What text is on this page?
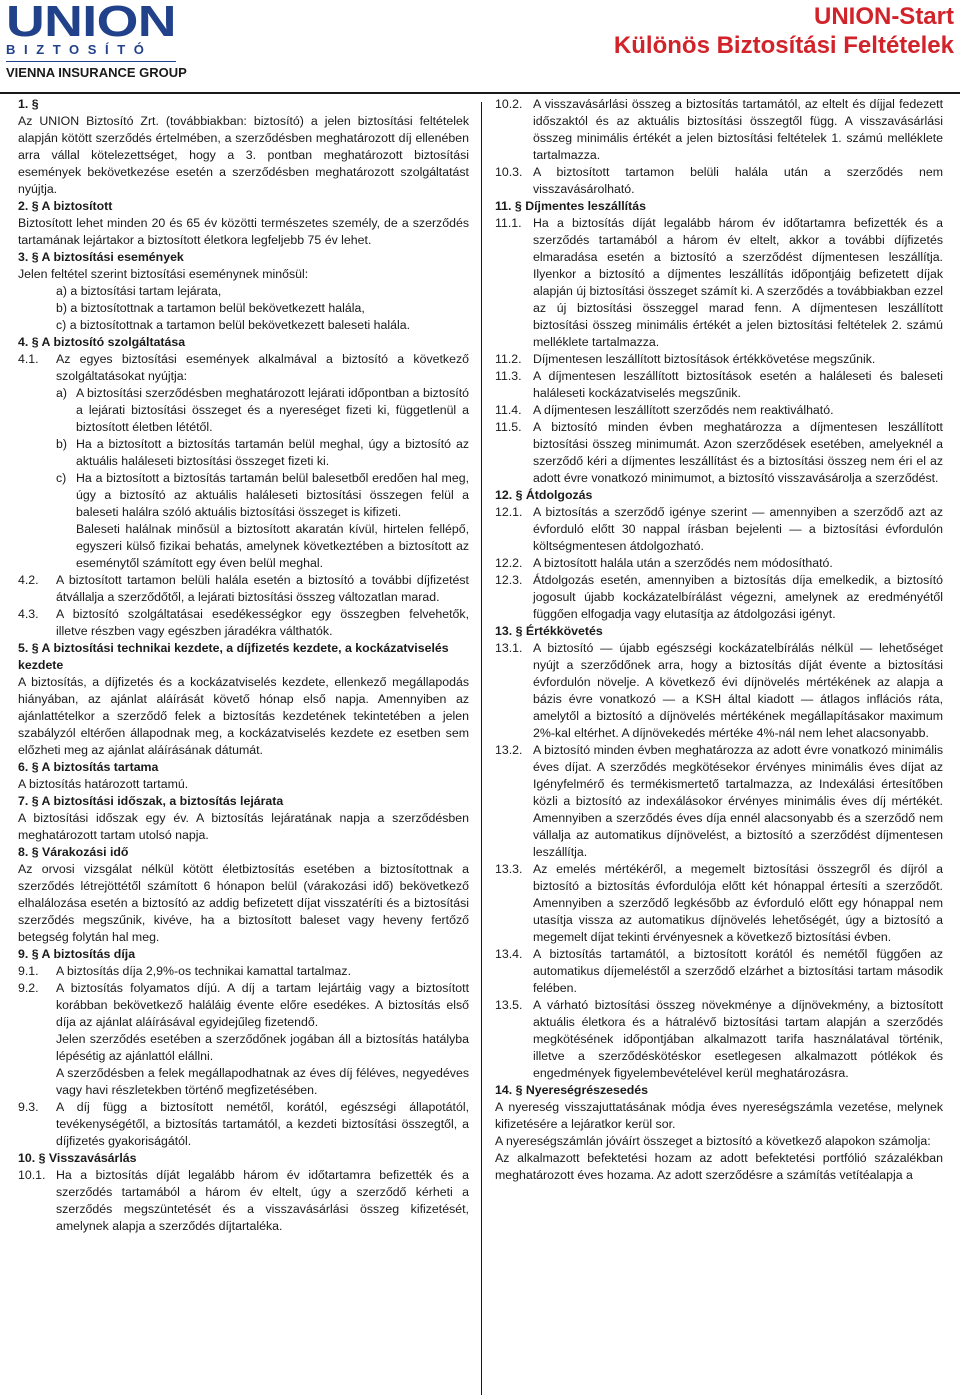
UNION
BIZTOSÍTÓ
VIENNA INSURANCE GROUP
UNION-Start
Különös Biztosítási Feltételek
1. §

Az UNION Biztosító Zrt. (továbbiakban: biztosító) a jelen biztosítási feltételek alapján kötött szerződés értelmében, a szerződésben meghatározott díj ellenében arra vállal kötelezettséget, hogy a 3. pontban meghatározott biztosítási események bekövetkezése esetén a szerződésben meghatározott szolgáltatást nyújtja.

2. § A biztosított

Biztosított lehet minden 20 és 65 év közötti természetes személy, de a szerződés tartamának lejártakor a biztosított életkora legfeljebb 75 év lehet.

3. § A biztosítási események

Jelen feltétel szerint biztosítási eseménynek minősül:

a) a biztosítási tartam lejárata,

b) a biztosítottnak a tartamon belül bekövetkezett halála,

c) a biztosítottnak a tartamon belül bekövetkezett baleseti halála.

4. § A biztosító szolgáltatása
4.1. Az egyes biztosítási események alkalmával a biztosító a következő szolgáltatásokat nyújtja:
a) A biztosítási szerződésben meghatározott lejárati időpontban a biztosító a lejárati biztosítási összeget és a nyereséget fizeti ki, függetlenül a biztosított életben lététől.
b) Ha a biztosított a biztosítás tartamán belül meghal, úgy a biztosító az aktuális haláleseti biztosítási összeget fizeti ki.
c) Ha a biztosított a biztosítás tartamán belül balesetből eredően hal meg, úgy a biztosító az aktuális haláleseti biztosítási összegen felül a baleseti halálra szóló aktuális biztosítási összeget is kifizeti.
Baleseti halálnak minősül a biztosított akaratán kívül, hirtelen fellépő, egyszeri külső fizikai behatás, amelynek következtében a biztosított az eseménytől számított egy éven belül meghal.
4.2. A biztosított tartamon belüli halála esetén a biztosító a további díjfizetést átvállalja a szerződőtől, a lejárati biztosítási összeg változatlan marad.
4.3. A biztosító szolgáltatásai esedékességkor egy összegben felvehetők, illetve részben vagy egészben járadékra válthatók.
5. § A biztosítási technikai kezdete, a díjfizetés kezdete, a kockázatviselés kezdete

A biztosítás, a díjfizetés és a kockázatviselés kezdete, ellenkező megállapodás hiányában, az ajánlat aláírását követő hónap első napja. Amennyiben az ajánlattételkor a szerződő felek a biztosítás kezdetének tekintetében a jelen szabályzól eltérően állapodnak meg, a kockázatviselés kezdete ez esetben sem előzheti meg az ajánlat aláírásának dátumát.

6. § A biztosítás tartama

A biztosítás határozott tartamú.

7. § A biztosítási időszak, a biztosítás lejárata

A biztosítási időszak egy év. A biztosítás lejáratának napja a szerződésben meghatározott tartam utolsó napja.

8. § Várakozási idő

Az orvosi vizsgálat nélkül kötött életbiztosítás esetében a biztosítottnak a szerződés létrejöttétől számított 6 hónapon belül (várakozási idő) bekövetkező elhalálozása esetén a biztosító az addig befizetett díjat visszatéríti és a biztosítási szerződés megszűnik, kivéve, ha a biztosított baleset vagy heveny fertőző betegség folytán hal meg.

9. § A biztosítás díja
9.1. A biztosítás díja 2,9%-os technikai kamattal tartalmaz.
9.2. A biztosítás folyamatos díjú. A díj a tartam lejártáig vagy a biztosított korábban bekövetkező haláláig évente előre esedékes. A biztosítás első díja az ajánlat aláírásával egyidejűleg fizetendő.

Jelen szerződés esetében a szerződőnek jogában áll a biztosítás hatályba lépésétig az ajánlattól elállni.

A szerződésben a felek megállapodhatnak az éves díj féléves, negyedéves vagy havi részletekben történő megfizetésében.

9.3. A díj függ a biztosított nemétől, korától, egészségi állapotától, tevékenységétől, a biztosítás tartamától, a kezdeti biztosítási összegtől, a díjfizetés gyakoriságától.
10. § Visszavásárlás
10.1. Ha a biztosítás díját legalább három év időtartamra befizették és a szerződés tartamából a három év eltelt, úgy a szerződő kérheti a szerződés megszüntetését és a visszavásárlási összeg kifizetését, amelynek alapja a szerződés díjtartaléka.
10.2. A visszavásárlási összeg a biztosítás tartamától, az eltelt és díjjal fedezett időszaktól és az aktuális biztosítási összegtől függ. A visszavásárlási összeg minimális értékét a jelen biztosítási feltételek 1. számú melléklete tartalmazza.
10.3. A biztosított tartamon belüli halála után a szerződés nem visszavásárolható.
11. § Díjmentes leszállítás
11.1. Ha a biztosítás díját legalább három év időtartamra befizették és a szerződés tartamából a három év eltelt, akkor a további díjfizetés elmaradása esetén a biztosító a szerződést díjmentesen leszállítja. Ilyenkor a biztosító a díjmentes leszállítás időpontjáig befizetett díjak alapján új biztosítási összeget számít ki. A szerződés a továbbiakban ezzel az új biztosítási összeggel marad fenn. A díjmentesen leszállított biztosítási összeg minimális értékét a jelen biztosítási feltételek 2. számú melléklete tartalmazza.
11.2. Díjmentesen leszállított biztosítások értékkövetése megszűnik.
11.3. A díjmentesen leszállított biztosítások esetén a haláleseti és baleseti haláleseti kockázatviselés megszűnik.
11.4. A díjmentesen leszállított szerződés nem reaktiválható.
11.5. A biztosító minden évben meghatározza a díjmentesen leszállított biztosítási összeg minimumát. Azon szerződések esetében, amelyeknél a szerződő kéri a díjmentes leszállítást és a biztosítási összeg nem éri el az adott évre vonatkozó minimumot, a biztosító visszavásárolja a szerződést.
12. § Átdolgozás
12.1. A biztosítás a szerződő igénye szerint — amennyiben a szerződő azt az évforduló előtt 30 nappal írásban bejelenti — a biztosítási évfordulón költségmentesen átdolgozható.
12.2. A biztosított halála után a szerződés nem módosítható.
12.3. Átdolgozás esetén, amennyiben a biztosítás díja emelkedik, a biztosító jogosult újabb kockázatelbírálást végezni, amelynek az eredményétől függően elfogadja vagy elutasítja az átdolgozási igényt.
13. § Értékkövetés
13.1. A biztosító — újabb egészségi kockázatelbírálás nélkül — lehetőséget nyújt a szerződőnek arra, hogy a biztosítás díját évente a biztosítási évfordulón növelje. A következő évi díjnövelés mértékének az alapja a bázis évre vonatkozó — a KSH által kiadott — átlagos inflációs ráta, amelytől a biztosító a díjnövelés mértékének megállapításakor maximum 2%-kal eltérhet. A díjnövekedés mértéke 4%-nál nem lehet alacsonyabb.
13.2. A biztosító minden évben meghatározza az adott évre vonatkozó minimális éves díjat. A szerződés megkötésekor érvényes minimális éves díjat az Igényfelmérő és termékismertető tartalmazza, az Indexálási értesítőben közli a biztosító az indexálásokor érvényes minimális éves díj mértékét. Amennyiben a szerződés éves díja ennél alacsonyabb és a szerződő nem vállalja az automatikus díjnövelést, a biztosító a szerződést díjmentesen leszállítja.
13.3. Az emelés mértékéről, a megemelt biztosítási összegről és díjról a biztosító a biztosítás évfordulója előtt két hónappal értesíti a szerződőt. Amennyiben a szerződő legkésőbb az évforduló előtt egy hónappal nem utasítja vissza az automatikus díjnövelés lehetőségét, úgy a biztosító a megemelt díjat tekinti érvényesnek a következő biztosítási évben.
13.4. A biztosítás tartamától, a biztosított korától és nemétől függően az automatikus díjemeléstől a szerződő elzárhet a biztosítási tartam második felében.
13.5. A várható biztosítási összeg növekménye a díjnövekmény, a biztosított aktuális életkora és a hátralévő biztosítási tartam alapján a szerződés megkötésének időpontjában alkalmazott tarifa használatával történik, illetve a szerződéskötéskor esetlegesen alkalmazott pótlékok és engedmények figyelembevételével kerül meghatározásra.
14. § Nyereségrészesedés

A nyereség visszajuttatásának módja éves nyereségszámla vezetése, melynek kifizetésére a lejáratkor kerül sor.

A nyereségszámlán jóváírt összeget a biztosító a következő alapokon számolja:

Az alkalmazott befektetési hozam az adott befektetési portfólió százalékban meghatározott éves hozama. Az adott szerződésre a számítás vetítéalapja a
